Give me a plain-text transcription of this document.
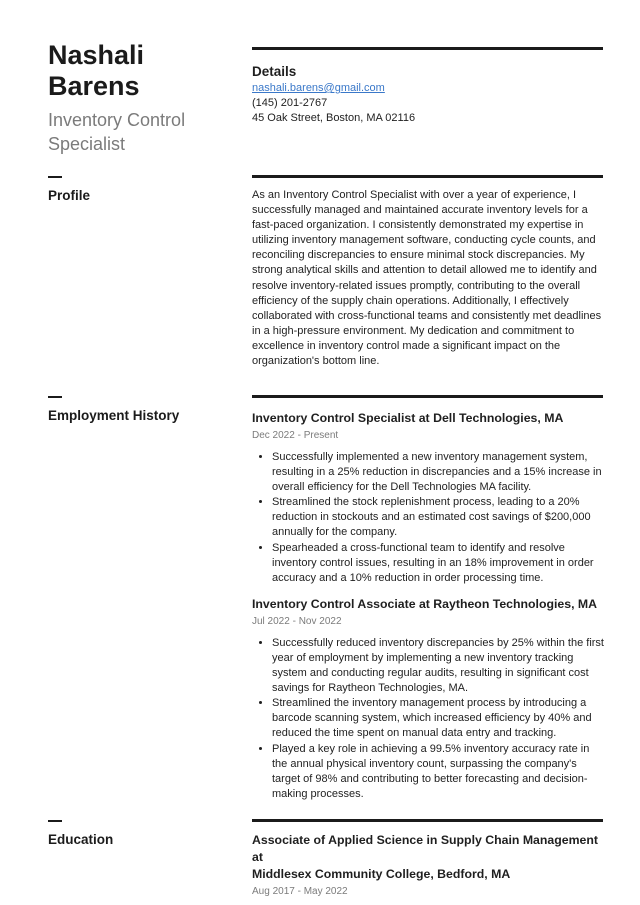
Nashali
Barens
Inventory Control
Specialist
Details
nashali.barens@gmail.com
(145) 201-2767
45 Oak Street, Boston, MA 02116
Profile	As an Inventory Control Specialist with over a year of experience, I successfully managed and maintained accurate inventory levels for a fast-paced organization. I consistently demonstrated my expertise in utilizing inventory management software, conducting cycle counts, and reconciling discrepancies to ensure minimal stock discrepancies. My strong analytical skills and attention to detail allowed me to identify and resolve inventory-related issues promptly, contributing to the overall efficiency of the supply chain operations. Additionally, I effectively collaborated with cross-functional teams and consistently met deadlines in a high-pressure environment. My dedication and commitment to excellence in inventory control made a significant impact on the organization's bottom line.
Employment History	Inventory Control Specialist at Dell Technologies, MA
Dec 2022 - Present
• Successfully implemented a new inventory management system, resulting in a 25% reduction in discrepancies and a 15% increase in overall efficiency for the Dell Technologies MA facility.
• Streamlined the stock replenishment process, leading to a 20% reduction in stockouts and an estimated cost savings of $200,000 annually for the company.
• Spearheaded a cross-functional team to identify and resolve inventory control issues, resulting in an 18% improvement in order accuracy and a 10% reduction in order processing time.
Inventory Control Associate at Raytheon Technologies, MA
Jul 2022 - Nov 2022
• Successfully reduced inventory discrepancies by 25% within the first year of employment by implementing a new inventory tracking system and conducting regular audits, resulting in significant cost savings for Raytheon Technologies, MA.
• Streamlined the inventory management process by introducing a barcode scanning system, which increased efficiency by 40% and reduced the time spent on manual data entry and tracking.
• Played a key role in achieving a 99.5% inventory accuracy rate in the annual physical inventory count, surpassing the company's target of 98% and contributing to better forecasting and decision-making processes.
Education	Associate of Applied Science in Supply Chain Management at
Middlesex Community College, Bedford, MA
Aug 2017 - May 2022
